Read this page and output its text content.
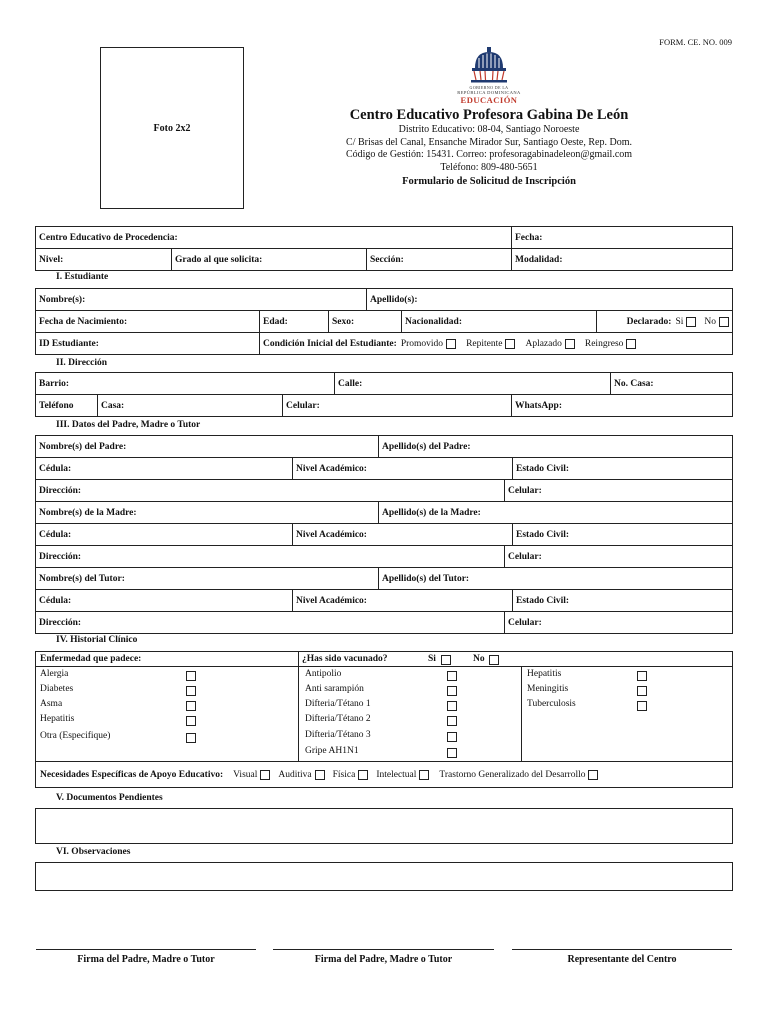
FORM. CE. NO. 009
Foto 2x2
GOBIERNO DE LA
REPÚBLICA DOMINICANA
EDUCACIÓN
Centro Educativo Profesora Gabina De León
Distrito Educativo: 08-04, Santiago Noroeste
C/ Brisas del Canal, Ensanche Mirador Sur, Santiago Oeste, Rep. Dom.
Código de Gestión: 15431. Correo: profesoragabinadeleon@gmail.com
Teléfono: 809-480-5651
Formulario de Solicitud de Inscripción
Centro Educativo de Procedencia:	Fecha:
Nivel:	Grado al que solicita:	Sección:	Modalidad:
I. Estudiante
Nombre(s):	Apellido(s):
Fecha de Nacimiento:	Edad:	Sexo:	Nacionalidad:	Declarado: Si No
ID Estudiante:	Condición Inicial del Estudiante: Promovido Repitente Aplazado Reingreso
II. Dirección
Barrio:	Calle:	No. Casa:
Teléfono	Casa:	Celular:	WhatsApp:
III. Datos del Padre, Madre o Tutor
Nombre(s) del Padre:	Apellido(s) del Padre:
Cédula:	Nivel Académico:	Estado Civil:
Dirección:	Celular:
Nombre(s) de la Madre:	Apellido(s) de la Madre:
Cédula:	Nivel Académico:	Estado Civil:
Dirección:	Celular:
Nombre(s) del Tutor:	Apellido(s) del Tutor:
Cédula:	Nivel Académico:	Estado Civil:
Dirección:	Celular:
IV. Historial Clínico
Enfermedad que padece:	¿Has sido vacunado?	Si	No
Alergia
Diabetes
Asma
Hepatitis
Otra (Especifique)
Antipolio
Anti sarampión
Difteria/Tétano 1
Difteria/Tétano 2
Difteria/Tétano 3
Gripe AH1N1
Hepatitis
Meningitis
Tuberculosis
Necesidades Específicas de Apoyo Educativo: Visual Auditiva Física Intelectual Trastorno Generalizado del Desarrollo
V. Documentos Pendientes
VI. Observaciones
Firma del Padre, Madre o Tutor	Firma del Padre, Madre o Tutor	Representante del Centro
